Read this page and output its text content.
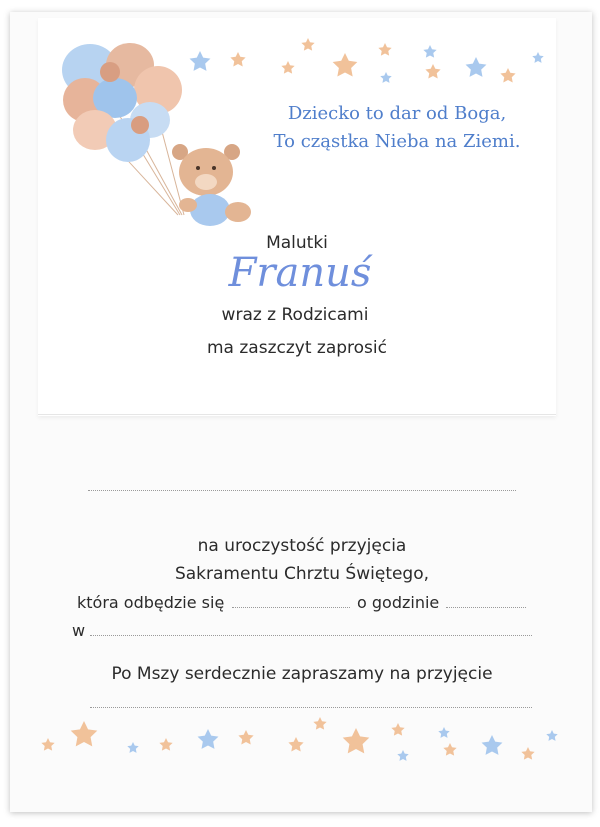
Dziecko to dar od Boga,
To cząstka Nieba na Ziemi.
Malutki
Franuś
wraz z Rodzicami
ma zaszczyt zaprosić
na uroczystość przyjęcia
Sakramentu Chrztu Świętego,
która odbędzie się	o godzinie
w
Po Mszy serdecznie zapraszamy na przyjęcie
